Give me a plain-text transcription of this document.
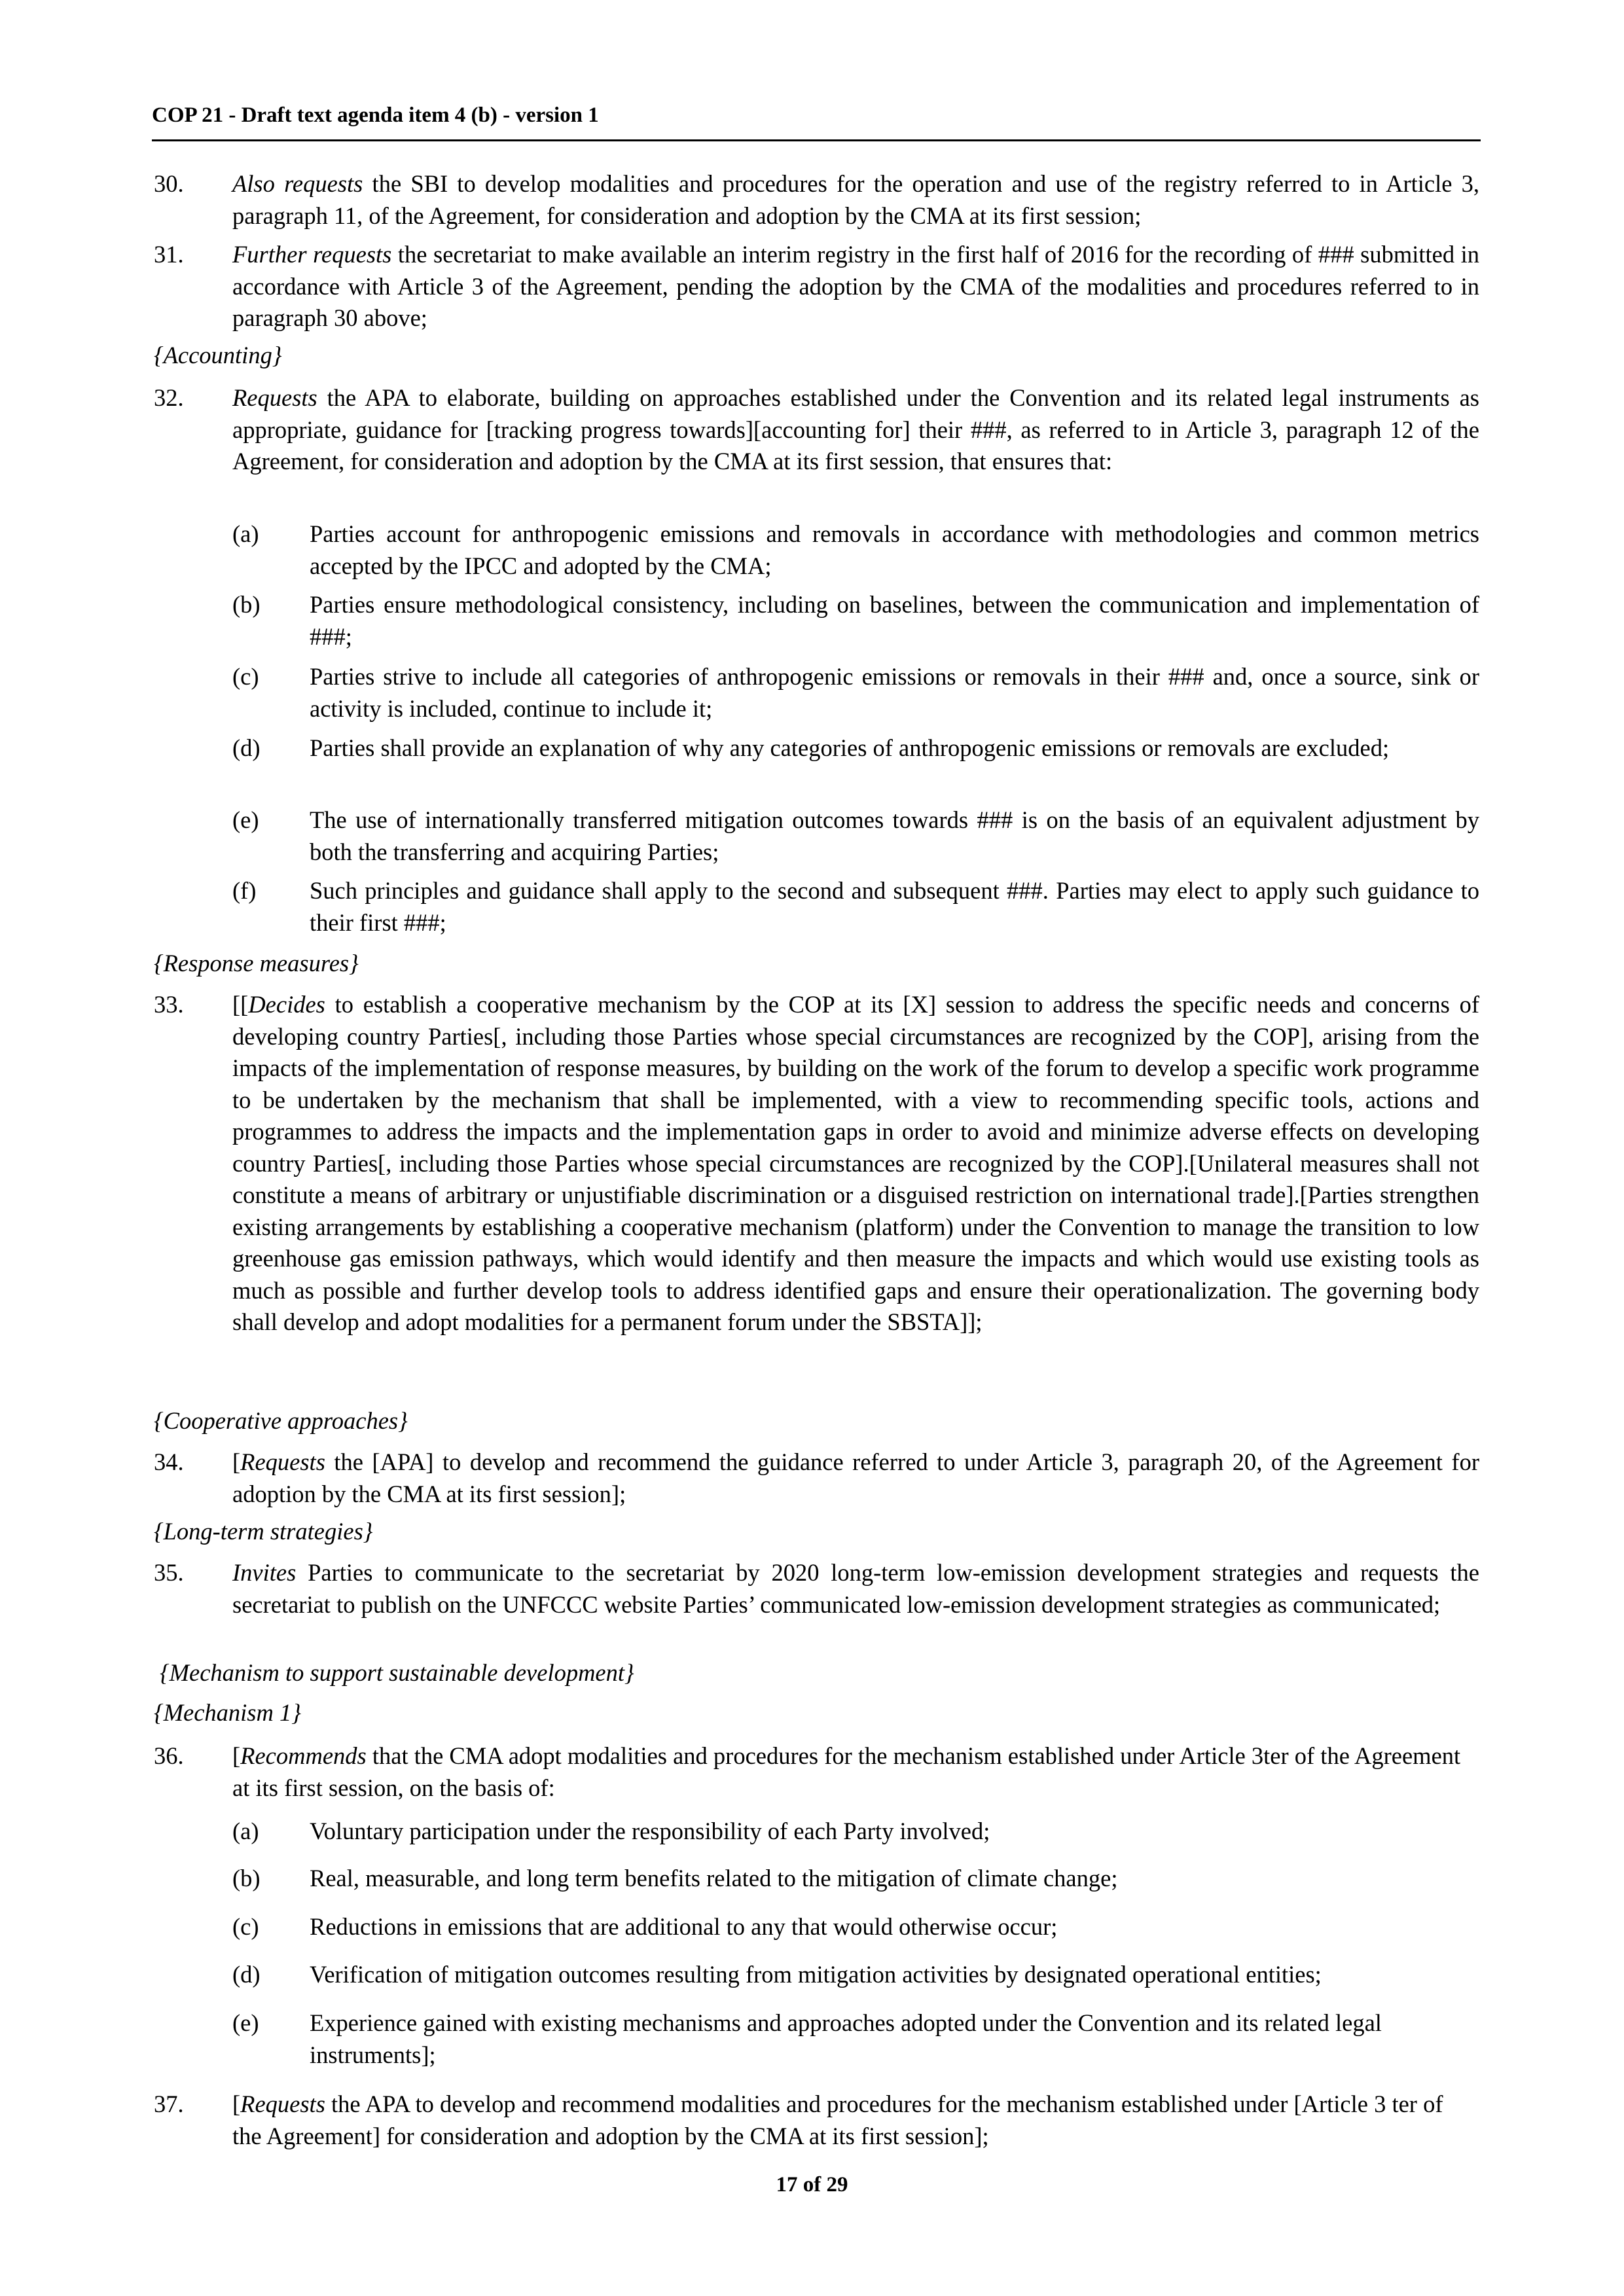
COP 21 - Draft text agenda item 4 (b) - version 1
30. Also requests the SBI to develop modalities and procedures for the operation and use of the registry referred to in Article 3, paragraph 11, of the Agreement, for consideration and adoption by the CMA at its first session;
31. Further requests the secretariat to make available an interim registry in the first half of 2016 for the recording of ### submitted in accordance with Article 3 of the Agreement, pending the adoption by the CMA of the modalities and procedures referred to in paragraph 30 above;
{Accounting}
32. Requests the APA to elaborate, building on approaches established under the Convention and its related legal instruments as appropriate, guidance for [tracking progress towards][accounting for] their ###, as referred to in Article 3, paragraph 12 of the Agreement, for consideration and adoption by the CMA at its first session, that ensures that:
(a) Parties account for anthropogenic emissions and removals in accordance with methodologies and common metrics accepted by the IPCC and adopted by the CMA;
(b) Parties ensure methodological consistency, including on baselines, between the communication and implementation of ###;
(c) Parties strive to include all categories of anthropogenic emissions or removals in their ### and, once a source, sink or activity is included, continue to include it;
(d) Parties shall provide an explanation of why any categories of anthropogenic emissions or removals are excluded;
(e) The use of internationally transferred mitigation outcomes towards ### is on the basis of an equivalent adjustment by both the transferring and acquiring Parties;
(f) Such principles and guidance shall apply to the second and subsequent ###. Parties may elect to apply such guidance to their first ###;
{Response measures}
33. [[Decides to establish a cooperative mechanism by the COP at its [X] session to address the specific needs and concerns of developing country Parties[, including those Parties whose special circumstances are recognized by the COP], arising from the impacts of the implementation of response measures, by building on the work of the forum to develop a specific work programme to be undertaken by the mechanism that shall be implemented, with a view to recommending specific tools, actions and programmes to address the impacts and the implementation gaps in order to avoid and minimize adverse effects on developing country Parties[, including those Parties whose special circumstances are recognized by the COP].[Unilateral measures shall not constitute a means of arbitrary or unjustifiable discrimination or a disguised restriction on international trade].[Parties strengthen existing arrangements by establishing a cooperative mechanism (platform) under the Convention to manage the transition to low greenhouse gas emission pathways, which would identify and then measure the impacts and which would use existing tools as much as possible and further develop tools to address identified gaps and ensure their operationalization. The governing body shall develop and adopt modalities for a permanent forum under the SBSTA]];
{Cooperative approaches}
34. [Requests the [APA] to develop and recommend the guidance referred to under Article 3, paragraph 20, of the Agreement for adoption by the CMA at its first session];
{Long-term strategies}
35. Invites Parties to communicate to the secretariat by 2020 long-term low-emission development strategies and requests the secretariat to publish on the UNFCCC website Parties’ communicated low-emission development strategies as communicated;
{Mechanism to support sustainable development}
{Mechanism 1}
36. [Recommends that the CMA adopt modalities and procedures for the mechanism established under Article 3ter of the Agreement at its first session, on the basis of:
(a) Voluntary participation under the responsibility of each Party involved;
(b) Real, measurable, and long term benefits related to the mitigation of climate change;
(c) Reductions in emissions that are additional to any that would otherwise occur;
(d) Verification of mitigation outcomes resulting from mitigation activities by designated operational entities;
(e) Experience gained with existing mechanisms and approaches adopted under the Convention and its related legal instruments];
37. [Requests the APA to develop and recommend modalities and procedures for the mechanism established under [Article 3 ter of the Agreement] for consideration and adoption by the CMA at its first session];
17 of 29
